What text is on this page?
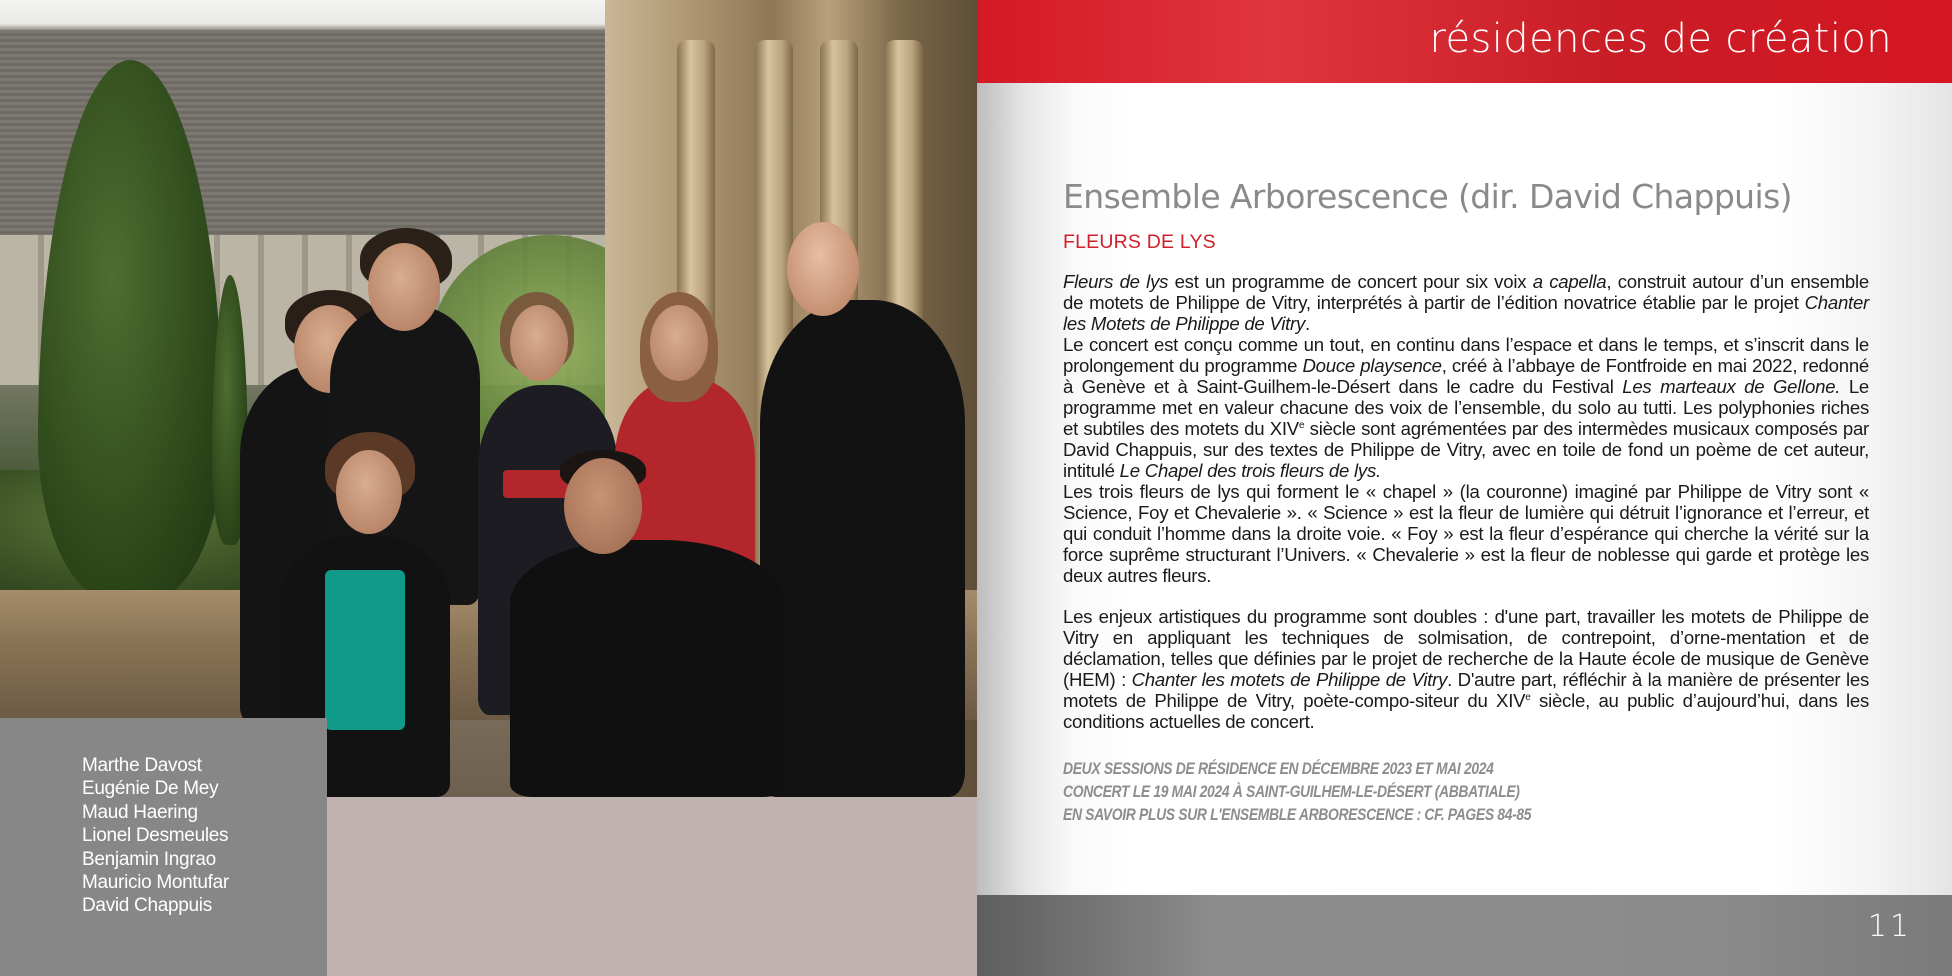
Marthe Davost
Eugénie De Mey
Maud Haering
Lionel Desmeules
Benjamin Ingrao
Mauricio Montufar
David Chappuis
résidences de création
Ensemble Arborescence (dir. David Chappuis)
FLEURS DE LYS

Fleurs de lys est un programme de concert pour six voix a capella, construit autour d’un ensemble de motets de Philippe de Vitry, interprétés à partir de l’édition novatrice établie par le projet Chanter les Motets de Philippe de Vitry.

Le concert est conçu comme un tout, en continu dans l’espace et dans le temps, et s’inscrit dans le prolongement du programme Douce playsence, créé à l’abbaye de Fontfroide en mai 2022, redonné à Genève et à Saint-Guilhem-le-Désert dans le cadre du Festival Les marteaux de Gellone. Le programme met en valeur chacune des voix de l’ensemble, du solo au tutti. Les polyphonies riches et subtiles des motets du XIVe siècle sont agrémentées par des intermèdes musicaux composés par David Chappuis, sur des textes de Philippe de Vitry, avec en toile de fond un poème de cet auteur, intitulé Le Chapel des trois fleurs de lys.

Les trois fleurs de lys qui forment le « chapel » (la couronne) imaginé par Philippe de Vitry sont « Science, Foy et Chevalerie ». « Science » est la fleur de lumière qui détruit l’ignorance et l’erreur, et qui conduit l’homme dans la droite voie. « Foy » est la fleur d’espérance qui cherche la vérité sur la force suprême structurant l’Univers. « Chevalerie » est la fleur de noblesse qui garde et protège les deux autres fleurs.

Les enjeux artistiques du programme sont doubles : d'une part, travailler les motets de Philippe de Vitry en appliquant les techniques de solmisation, de contrepoint, d’orne-mentation et de déclamation, telles que définies par le projet de recherche de la Haute école de musique de Genève (HEM) : Chanter les motets de Philippe de Vitry. D'autre part, réfléchir à la manière de présenter les motets de Philippe de Vitry, poète-compo-siteur du XIVe siècle, au public d’aujourd’hui, dans les conditions actuelles de concert.

DEUX SESSIONS DE RÉSIDENCE EN DÉCEMBRE 2023 ET MAI 2024
CONCERT LE 19 MAI 2024 À SAINT-GUILHEM-LE-DÉSERT (ABBATIALE)
EN SAVOIR PLUS SUR L'ENSEMBLE ARBORESCENCE : CF. PAGES 84-85
11
